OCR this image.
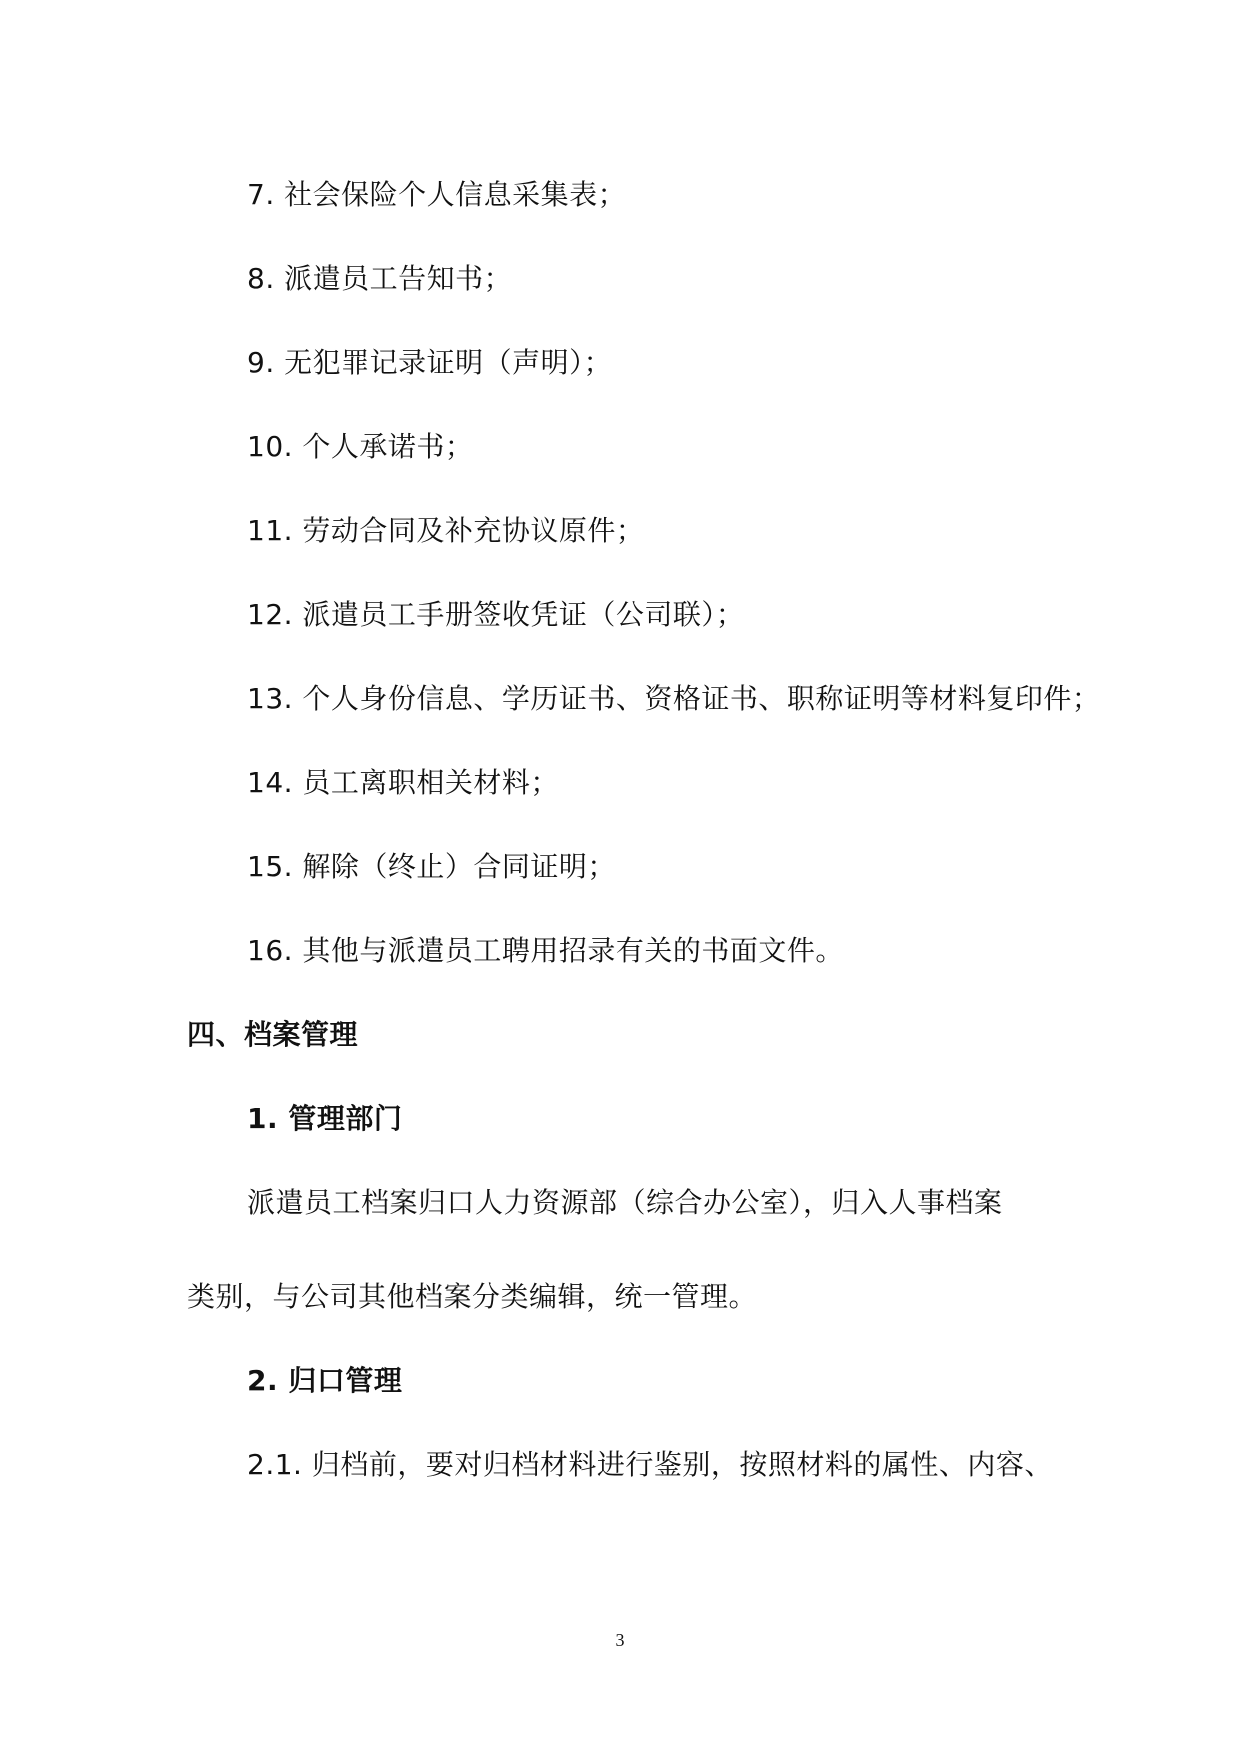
7. 社会保险个人信息采集表；
8. 派遣员工告知书；
9. 无犯罪记录证明（声明）；
10. 个人承诺书；
11. 劳动合同及补充协议原件；
12. 派遣员工手册签收凭证（公司联）；
13. 个人身份信息、学历证书、资格证书、职称证明等材料复印件；
14. 员工离职相关材料；
15. 解除（终止）合同证明；
16. 其他与派遣员工聘用招录有关的书面文件。
四、档案管理
1. 管理部门
派遣员工档案归口人力资源部（综合办公室），归入人事档案
类别，与公司其他档案分类编辑，统一管理。
2. 归口管理
2.1. 归档前，要对归档材料进行鉴别，按照材料的属性、内容、
3
